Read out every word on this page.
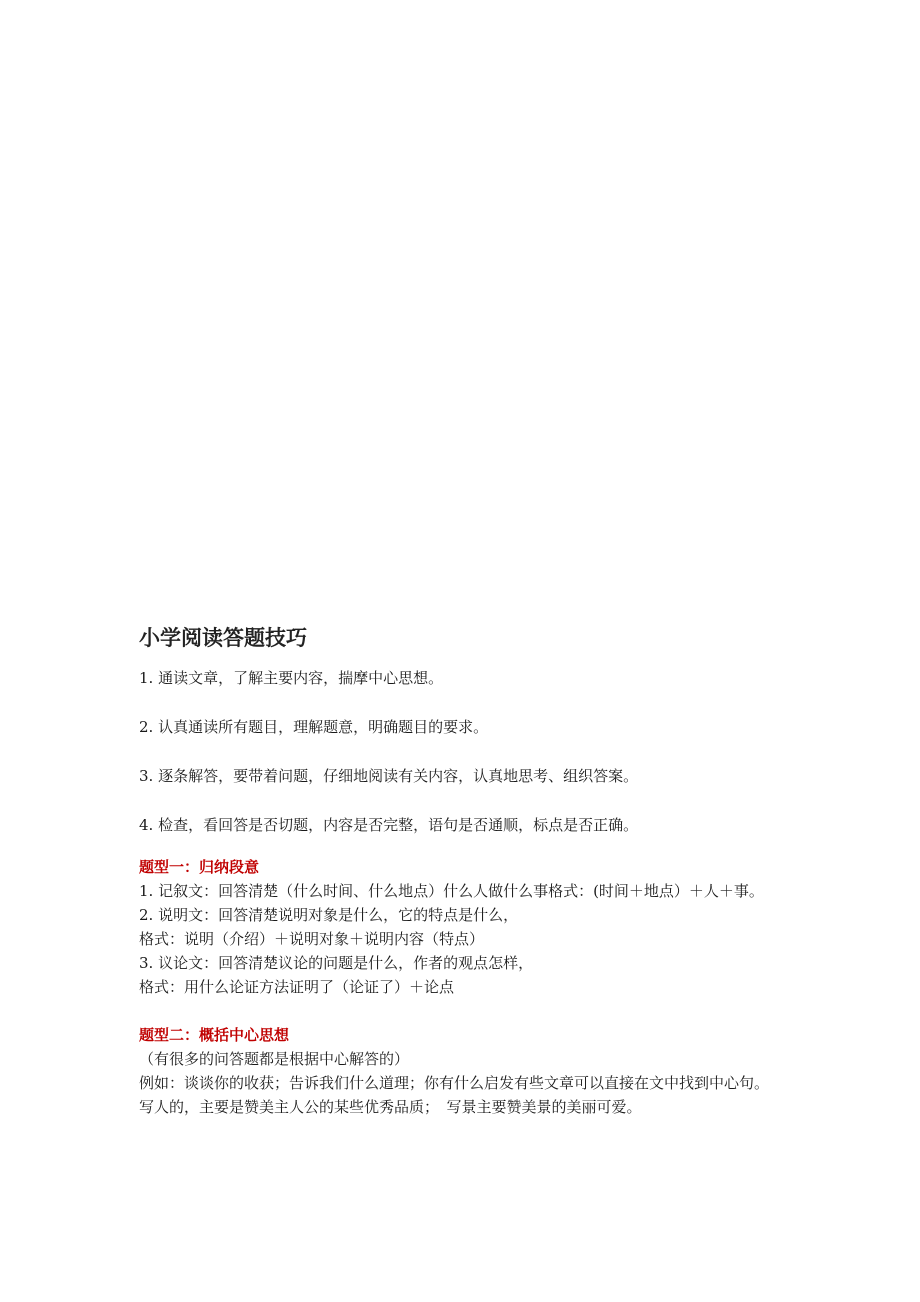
小学阅读答题技巧

1. 通读文章，了解主要内容，揣摩中心思想。

2. 认真通读所有题目，理解题意，明确题目的要求。

3. 逐条解答，要带着问题，仔细地阅读有关内容，认真地思考、组织答案。

4. 检查，看回答是否切题，内容是否完整，语句是否通顺，标点是否正确。

题型一：归纳段意

1. 记叙文：回答清楚（什么时间、什么地点）什么人做什么事格式：(时间＋地点）＋人＋事。

2. 说明文：回答清楚说明对象是什么，它的特点是什么，

格式：说明（介绍）＋说明对象＋说明内容（特点）

3. 议论文：回答清楚议论的问题是什么，作者的观点怎样，

格式：用什么论证方法证明了（论证了）＋论点

题型二：概括中心思想

（有很多的问答题都是根据中心解答的）

例如：谈谈你的收获；告诉我们什么道理；你有什么启发有些文章可以直接在文中找到中心句。

写人的，主要是赞美主人公的某些优秀品质；　写景主要赞美景的美丽可爱。
